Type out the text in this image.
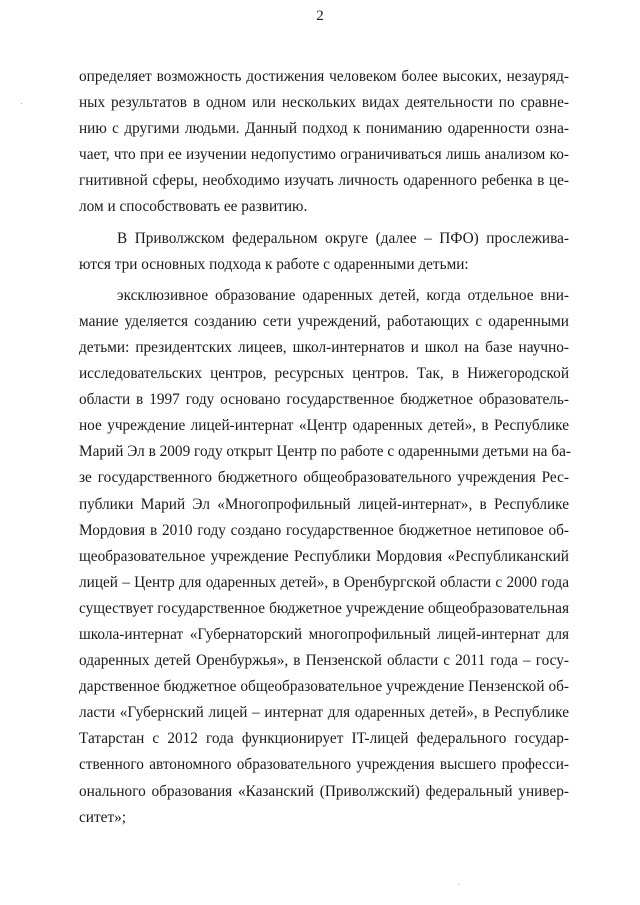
2
определяет возможность достижения человеком более высоких, незауряд-
ных результатов в одном или нескольких видах деятельности по сравне-
нию с другими людьми. Данный подход к пониманию одаренности озна-
чает, что при ее изучении недопустимо ограничиваться лишь анализом ко-
гнитивной сферы, необходимо изучать личность одаренного ребенка в це-
лом и способствовать ее развитию.
В Приволжском федеральном округе (далее – ПФО) прослежива-
ются три основных подхода к работе с одаренными детьми:
эксклюзивное образование одаренных детей, когда отдельное вни-
мание уделяется созданию сети учреждений, работающих с одаренными
детьми: президентских лицеев, школ-интернатов и школ на базе научно-
исследовательских центров, ресурсных центров. Так, в Нижегородской
области в 1997 году основано государственное бюджетное образователь-
ное учреждение лицей-интернат «Центр одаренных детей», в Республике
Марий Эл в 2009 году открыт Центр по работе с одаренными детьми на ба-
зе государственного бюджетного общеобразовательного учреждения Рес-
публики Марий Эл «Многопрофильный лицей-интернат», в Республике
Мордовия в 2010 году создано государственное бюджетное нетиповое об-
щеобразовательное учреждение Республики Мордовия «Республиканский
лицей – Центр для одаренных детей», в Оренбургской области с 2000 года
существует государственное бюджетное учреждение общеобразовательная
школа-интернат «Губернаторский многопрофильный лицей-интернат для
одаренных детей Оренбуржья», в Пензенской области с 2011 года – госу-
дарственное бюджетное общеобразовательное учреждение Пензенской об-
ласти «Губернский лицей – интернат для одаренных детей», в Республике
Татарстан с 2012 года функционирует IT-лицей федерального государ-
ственного автономного образовательного учреждения высшего професси-
онального образования «Казанский (Приволжский) федеральный универ-
ситет»;
